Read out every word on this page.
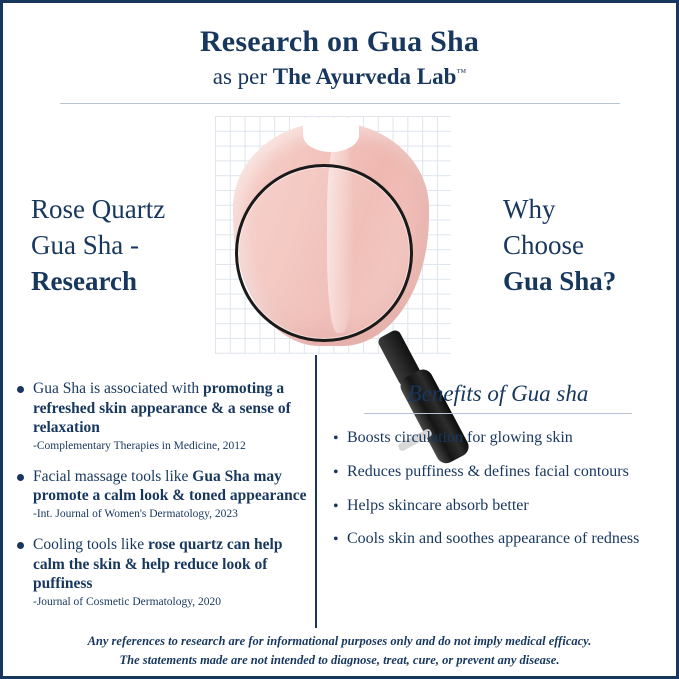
Research on Gua Sha
as per The Ayurveda Lab™
Rose Quartz
Gua Sha -
Research
Why
Choose
Gua Sha?
Gua Sha is associated with promoting a refreshed skin appearance & a sense of relaxation
-Complementary Therapies in Medicine, 2012
Facial massage tools like Gua Sha may promote a calm look & toned appearance
-Int. Journal of Women's Dermatology, 2023
Cooling tools like rose quartz can help calm the skin & help reduce look of puffiness
-Journal of Cosmetic Dermatology, 2020
Benefits of Gua sha
• Boosts circulation for glowing skin
• Reduces puffiness & defines facial contours
• Helps skincare absorb better
• Cools skin and soothes appearance of redness
Any references to research are for informational purposes only and do not imply medical efficacy.
The statements made are not intended to diagnose, treat, cure, or prevent any disease.
